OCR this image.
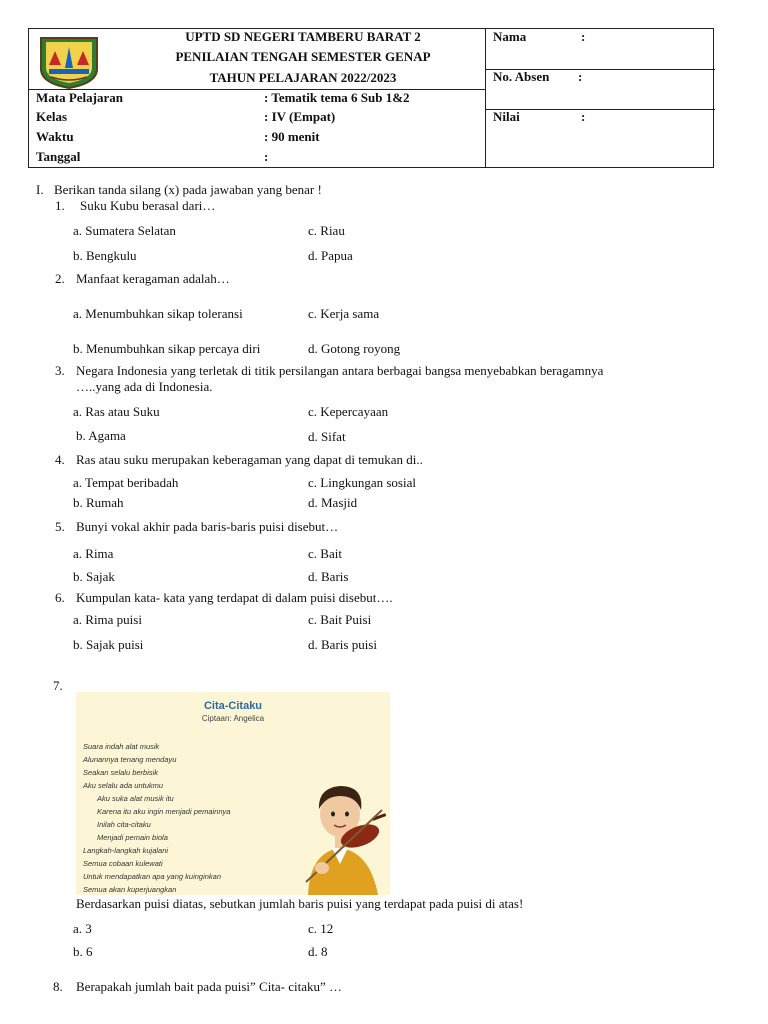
UPTD SD NEGERI TAMBERU BARAT 2
PENILAIAN TENGAH SEMESTER GENAP
TAHUN PELAJARAN 2022/2023
Mata Pelajaran	: Tematik tema 6 Sub 1&2
Kelas	: IV (Empat)
Waktu	: 90 menit
Tanggal	:
Nama	:
No. Absen :
Nilai	:
I. Berikan tanda silang (x) pada jawaban yang benar !
1. Suku Kubu berasal dari…
a. Sumatera Selatan	c. Riau
b. Bengkulu	d. Papua
2. Manfaat keragaman adalah…
a. Menumbuhkan sikap toleransi	c. Kerja sama
b. Menumbuhkan sikap percaya diri	d. Gotong royong
3. Negara Indonesia yang terletak di titik persilangan antara berbagai bangsa menyebabkan beragamnya
…..yang ada di Indonesia.
a. Ras atau Suku	c. Kepercayaan
b. Agama	d. Sifat
4. Ras atau suku merupakan keberagaman yang dapat di temukan di..
a. Tempat beribadah	c. Lingkungan sosial
b. Rumah	d. Masjid
5. Bunyi vokal akhir pada baris-baris puisi disebut…
a. Rima	c. Bait
b. Sajak	d. Baris
6. Kumpulan kata- kata yang terdapat di dalam puisi disebut….
a. Rima puisi	c. Bait Puisi
b. Sajak puisi	d. Baris puisi
7.
Cita-Citaku
Ciptaan: Angelica
Suara indah alat musik
Alunannya tenang mendayu
Seakan selalu berbisik
Aku selalu ada untukmu
Aku suka alat musik itu
Karena itu aku ingin menjadi pemainnya
Inilah cita-citaku
Menjadi pemain biola
Langkah-langkah kujalani
Semua cobaan kulewati
Untuk mendapatkan apa yang kuinginkan
Semua akan kuperjuangkan
Berdasarkan puisi diatas, sebutkan jumlah baris puisi yang terdapat pada puisi di atas!
a. 3	c. 12
b. 6	d. 8
8. Berapakah jumlah bait pada puisi” Cita- citaku” …
